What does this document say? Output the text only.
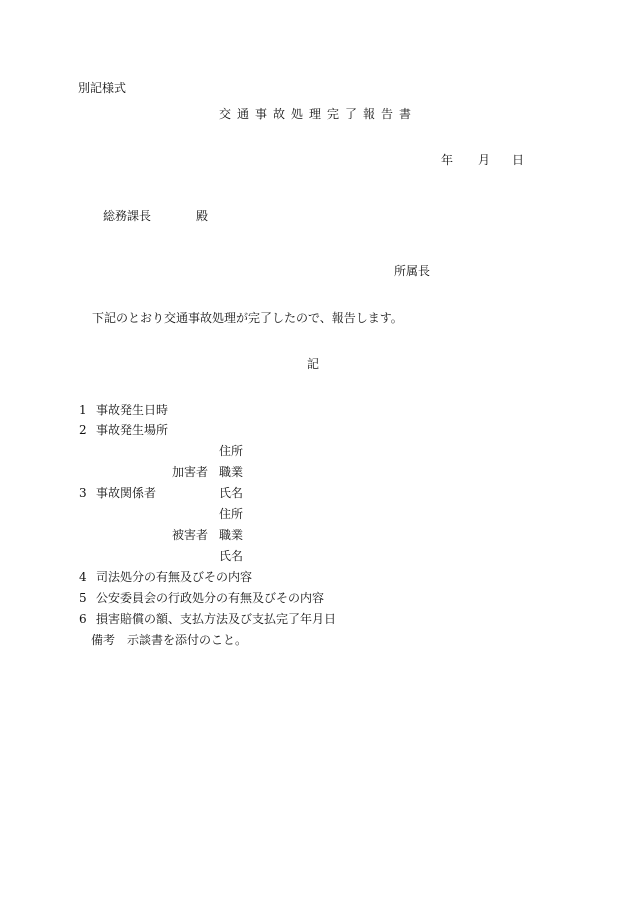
別記様式
交通事故処理完了報告書
年 月 日
総務課長	殿
所属長
下記のとおり交通事故処理が完了したので、報告します。
記
1 事故発生日時
2 事故発生場所
住所
加害者 職業
3 事故関係者	氏名
住所
被害者 職業
氏名
4 司法処分の有無及びその内容
5 公安委員会の行政処分の有無及びその内容
6 損害賠償の額、支払方法及び支払完了年月日
備考 示談書を添付のこと。
